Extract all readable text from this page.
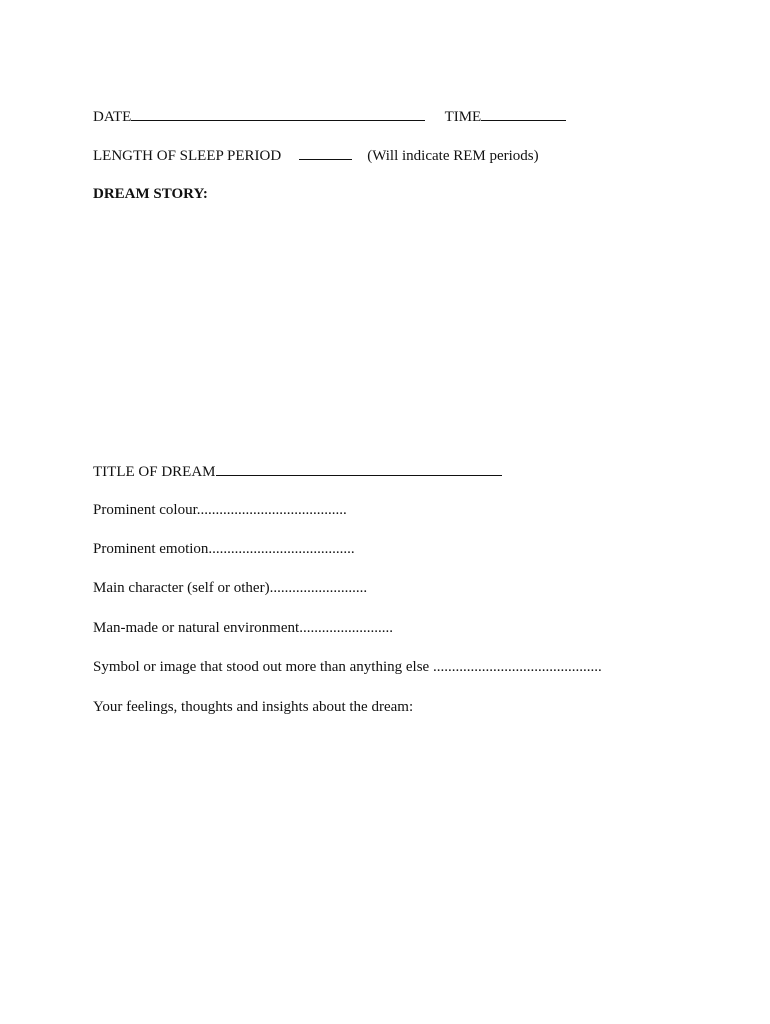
DATE	TIME
LENGTH OF SLEEP PERIOD	(Will indicate REM periods)
DREAM STORY:
TITLE OF DREAM
Prominent colour........................................
Prominent emotion.......................................
Main character (self or other)..........................
Man-made or natural environment.........................
Symbol or image that stood out more than anything else .............................................
Your feelings, thoughts and insights about the dream:
